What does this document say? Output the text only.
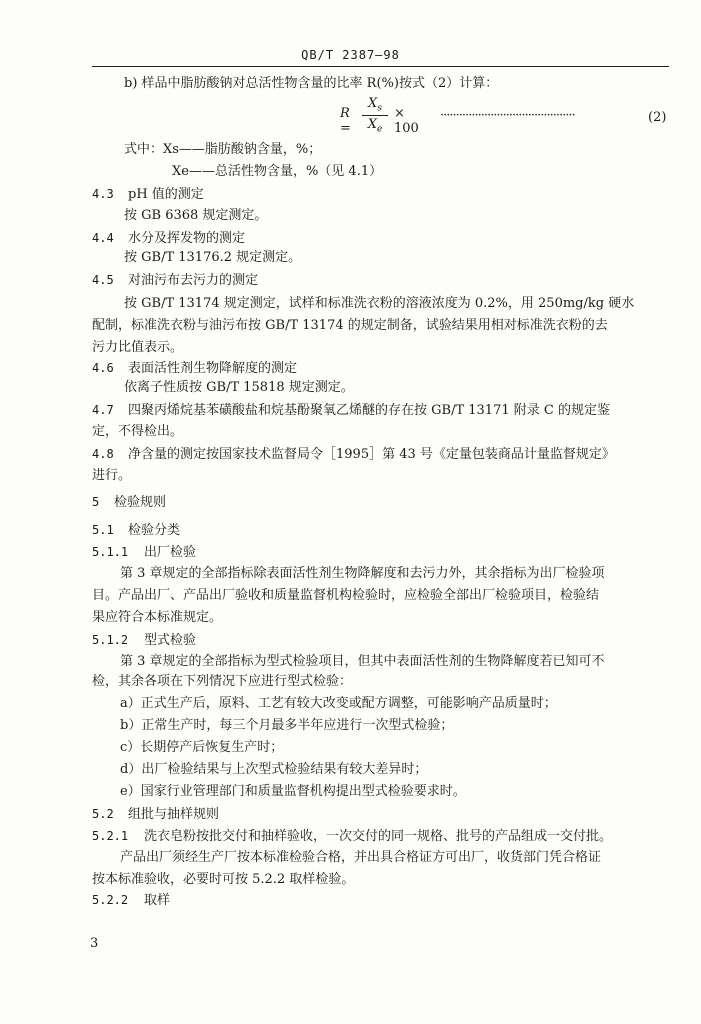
QB/T 2387—98
b) 样品中脂肪酸钠对总活性物含量的比率 R(%)按式（2）计算：
R =
$X_s$
$X_e$
× 100
···········································	(2)
式中：Xs——脂肪酸钠含量，%；
Xe——总活性物含量，%（见 4.1）
4.3 pH 值的测定
按 GB 6368 规定测定。
4.4 水分及挥发物的测定
按 GB/T 13176.2 规定测定。
4.5 对油污布去污力的测定
按 GB/T 13174 规定测定，试样和标准洗衣粉的溶液浓度为 0.2%，用 250mg/kg 硬水
配制，标准洗衣粉与油污布按 GB/T 13174 的规定制备，试验结果用相对标准洗衣粉的去
污力比值表示。
4.6 表面活性剂生物降解度的测定
依离子性质按 GB/T 15818 规定测定。
4.7 四聚丙烯烷基苯磺酸盐和烷基酚聚氧乙烯醚的存在按 GB/T 13171 附录 C 的规定鉴
定，不得检出。
4.8 净含量的测定按国家技术监督局令［1995］第 43 号《定量包装商品计量监督规定》
进行。
5 检验规则
5.1 检验分类
5.1.1 出厂检验
第 3 章规定的全部指标除表面活性剂生物降解度和去污力外，其余指标为出厂检验项
目。产品出厂、产品出厂验收和质量监督机构检验时，应检验全部出厂检验项目，检验结
果应符合本标准规定。
5.1.2 型式检验
第 3 章规定的全部指标为型式检验项目，但其中表面活性剂的生物降解度若已知可不
检，其余各项在下列情况下应进行型式检验：
a）正式生产后，原料、工艺有较大改变或配方调整，可能影响产品质量时；
b）正常生产时，每三个月最多半年应进行一次型式检验；
c）长期停产后恢复生产时；
d）出厂检验结果与上次型式检验结果有较大差异时；
e）国家行业管理部门和质量监督机构提出型式检验要求时。
5.2 组批与抽样规则
5.2.1 洗衣皂粉按批交付和抽样验收，一次交付的同一规格、批号的产品组成一交付批。
产品出厂须经生产厂按本标准检验合格，并出具合格证方可出厂，收货部门凭合格证
按本标准验收，必要时可按 5.2.2 取样检验。
5.2.2 取样
3
